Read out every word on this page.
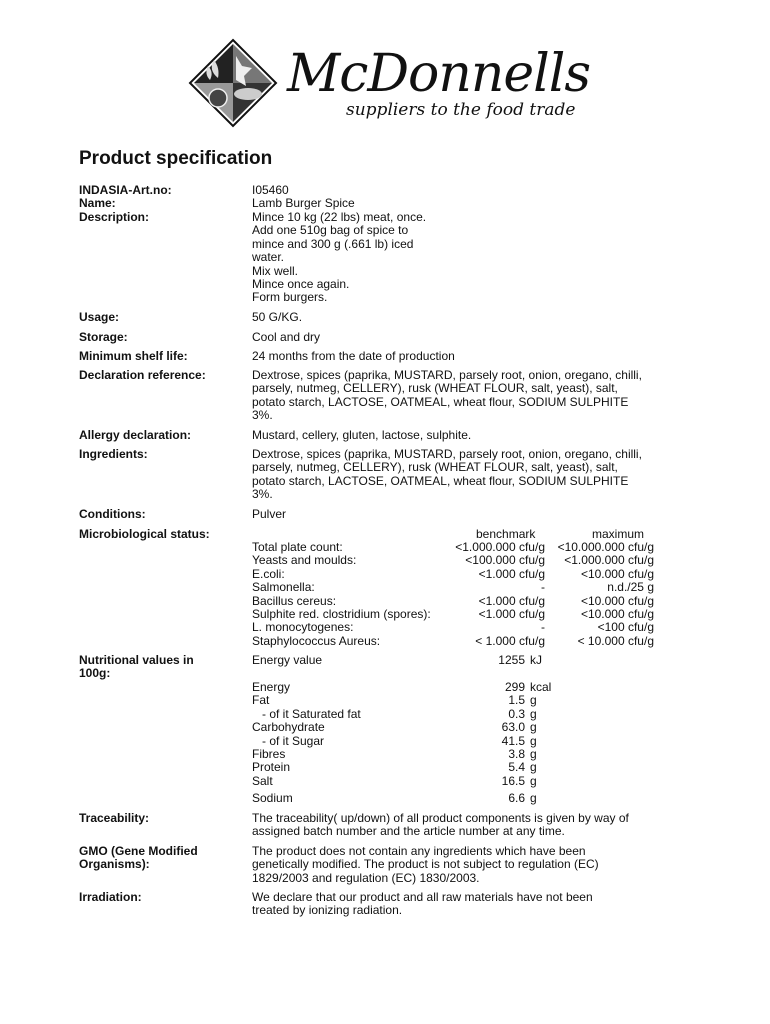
McDonnells
suppliers to the food trade
Product specification
INDASIA-Art.no:	I05460
Name:	Lamb Burger Spice
Description:	Mince 10 kg (22 lbs) meat, once.
Add one 510g bag of spice to
mince and 300 g (.661 lb) iced
water.
Mix well.
Mince once again.
Form burgers.
Usage:	50 G/KG.
Storage:	Cool and dry
Minimum shelf life:	24 months from the date of production
Declaration reference:	Dextrose, spices (paprika, MUSTARD, parsely root, onion, oregano, chilli,
parsely, nutmeg, CELLERY), rusk (WHEAT FLOUR, salt, yeast), salt,
potato starch, LACTOSE, OATMEAL, wheat flour, SODIUM SULPHITE
3%.
Allergy declaration:	Mustard, cellery, gluten, lactose, sulphite.
Ingredients:	Dextrose, spices (paprika, MUSTARD, parsely root, onion, oregano, chilli,
parsely, nutmeg, CELLERY), rusk (WHEAT FLOUR, salt, yeast), salt,
potato starch, LACTOSE, OATMEAL, wheat flour, SODIUM SULPHITE
3%.
Conditions:	Pulver
Microbiological status:	benchmark	maximum
Total plate count:	<1.000.000 cfu/g	<10.000.000 cfu/g
Yeasts and moulds:	<100.000 cfu/g	<1.000.000 cfu/g
E.coli:	<1.000 cfu/g	<10.000 cfu/g
Salmonella:	-	n.d./25 g
Bacillus cereus:	<1.000 cfu/g	<10.000 cfu/g
Sulphite red. clostridium (spores):	<1.000 cfu/g	<10.000 cfu/g
L. monocytogenes:	-	<100 cfu/g
Staphylococcus Aureus:	< 1.000 cfu/g	< 10.000 cfu/g
Nutritional values in
100g:
Energy value	1255 kJ
Energy	299 kcal
Fat	1.5 g
- of it Saturated fat	0.3 g
Carbohydrate	63.0 g
- of it Sugar	41.5 g
Fibres	3.8 g
Protein	5.4 g
Salt	16.5 g
Sodium	6.6 g
Traceability:	The traceability( up/down) of all product components is given by way of
assigned batch number and the article number at any time.
GMO (Gene Modified
Organisms):
The product does not contain any ingredients which have been
genetically modified. The product is not subject to regulation (EC)
1829/2003 and regulation (EC) 1830/2003.
Irradiation:	We declare that our product and all raw materials have not been
treated by ionizing radiation.
